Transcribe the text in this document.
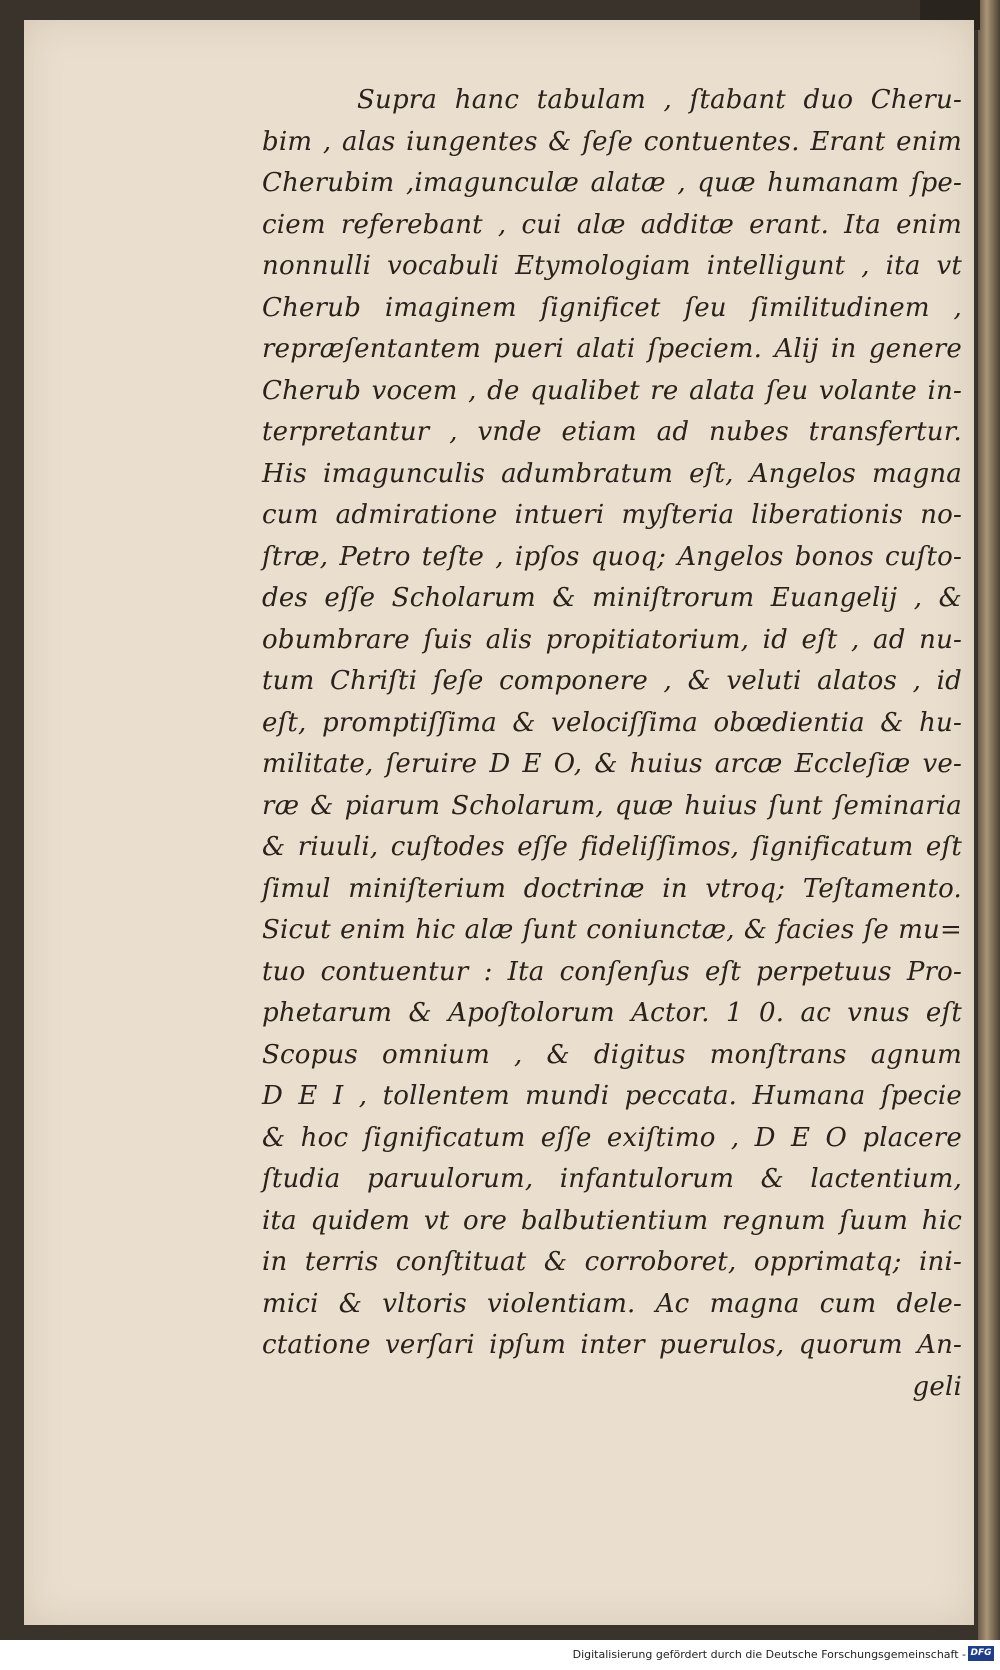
Supra hanc tabulam , ſtabant duo Cheru-
bim , alas iungentes & ſeſe contuentes. Erant enim
Cherubim ,imagunculæ alatæ , quæ humanam ſpe-
ciem referebant , cui alæ additæ erant. Ita enim
nonnulli vocabuli Etymologiam intelligunt , ita vt
Cherub imaginem ſignificet ſeu ſimilitudinem ,
repræſentantem pueri alati ſpeciem. Alij in genere
Cherub vocem , de qualibet re alata ſeu volante in-
terpretantur , vnde etiam ad nubes transfertur.
His imagunculis adumbratum eſt, Angelos magna
cum admiratione intueri myſteria liberationis no-
ſtræ, Petro teſte , ipſos quoq; Angelos bonos cuſto-
des eſſe Scholarum & miniſtrorum Euangelij , &
obumbrare ſuis alis propitiatorium, id eſt , ad nu-
tum Chriſti ſeſe componere , & veluti alatos , id
eſt, promptiſſima & velociſſima obœdientia & hu-
militate, ſeruire D E O, & huius arcæ Eccleſiæ ve-
ræ & piarum Scholarum, quæ huius ſunt ſeminaria
& riuuli, cuſtodes eſſe fideliſſimos, ſignificatum eſt
ſimul miniſterium doctrinæ in vtroq; Teſtamento.
Sicut enim hic alæ ſunt coniunctæ, & facies ſe mu=
tuo contuentur : Ita conſenſus eſt perpetuus Pro-
phetarum & Apoſtolorum Actor. 1 0. ac vnus eſt
Scopus omnium , & digitus monſtrans agnum
D E I , tollentem mundi peccata. Humana ſpecie
& hoc ſignificatum eſſe exiſtimo , D E O placere
ſtudia paruulorum, infantulorum & lactentium,
ita quidem vt ore balbutientium regnum ſuum hic
in terris conſtituat & corroboret, opprimatq; ini-
mici & vltoris violentiam. Ac magna cum dele-
ctatione verſari ipſum inter puerulos, quorum An-
geli
Digitalisierung gefördert durch die Deutsche Forschungsgemeinschaft - DFG
